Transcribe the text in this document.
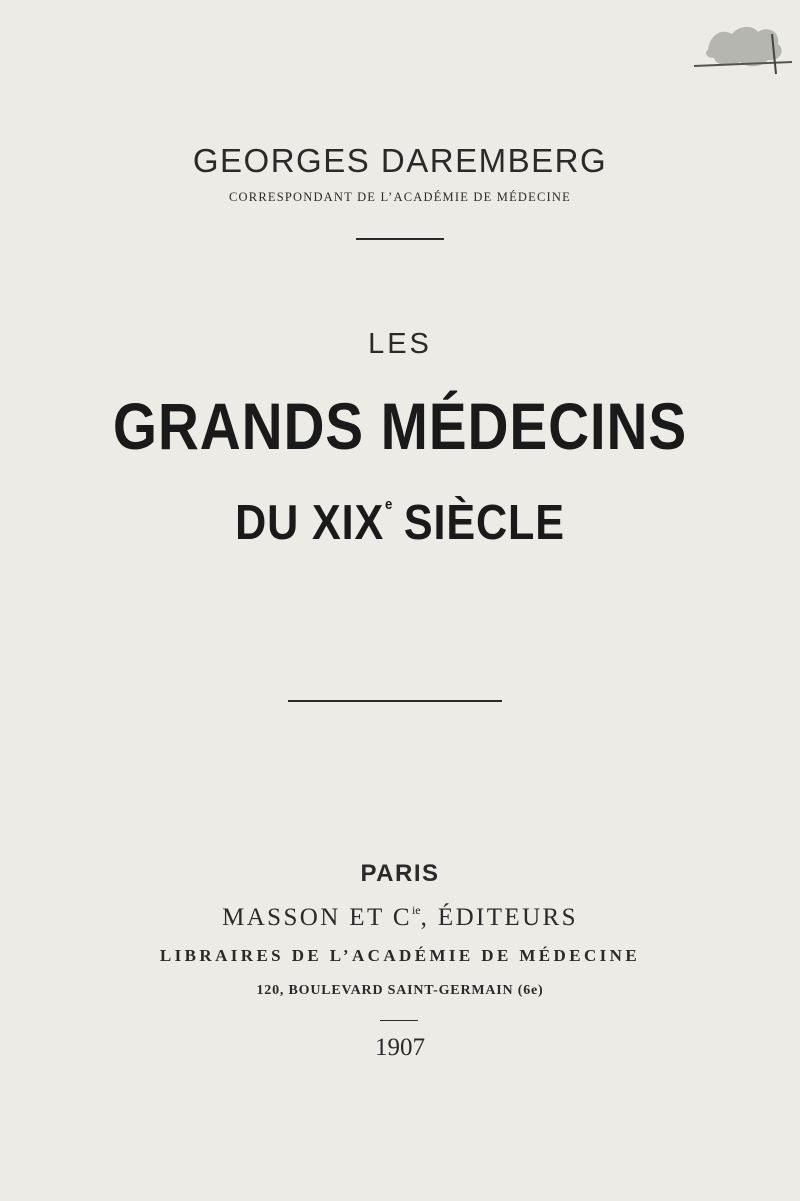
GEORGES DAREMBERG

CORRESPONDANT DE L’ACADÉMIE DE MÉDECINE

LES

GRANDS MÉDECINS

DU XIXe SIÈCLE

PARIS

MASSON ET $C^{ie}$, ÉDITEURS

LIBRAIRES DE L’ACADÉMIE DE MÉDECINE

120, BOULEVARD SAINT-GERMAIN (6e)

1907
